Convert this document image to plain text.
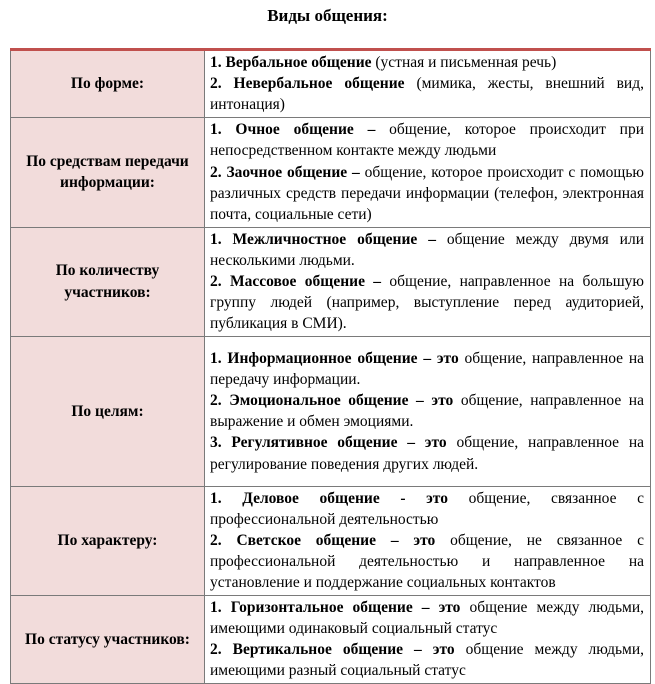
Виды общения:
По форме:	1. Вербальное общение (устная и письменная речь)

2. Невербальное общение (мимика, жесты, внешний вид, интонация)

По средствам передачи информации:	1. Очное общение – общение, которое происходит при непосредственном контакте между людьми

2. Заочное общение – общение, которое происходит с помощью различных средств передачи информации (телефон, электронная почта, социальные сети)

По количеству участников:	1. Межличностное общение – общение между двумя или несколькими людьми.

2. Массовое общение – общение, направленное на большую группу людей (например, выступление перед аудиторией, публикация в СМИ).

По целям:	1. Информационное общение – это общение, направленное на передачу информации.

2. Эмоциональное общение – это общение, направленное на выражение и обмен эмоциями.

3. Регулятивное общение – это общение, направленное на регулирование поведения других людей.

По характеру:	1. Деловое общение - это общение, связанное с профессиональной деятельностью

2. Светское общение – это общение, не связанное с профессиональной деятельностью и направленное на установление и поддержание социальных контактов

По статусу участников:	1. Горизонтальное общение – это общение между людьми, имеющими одинаковый социальный статус

2. Вертикальное общение – это общение между людьми, имеющими разный социальный статус
